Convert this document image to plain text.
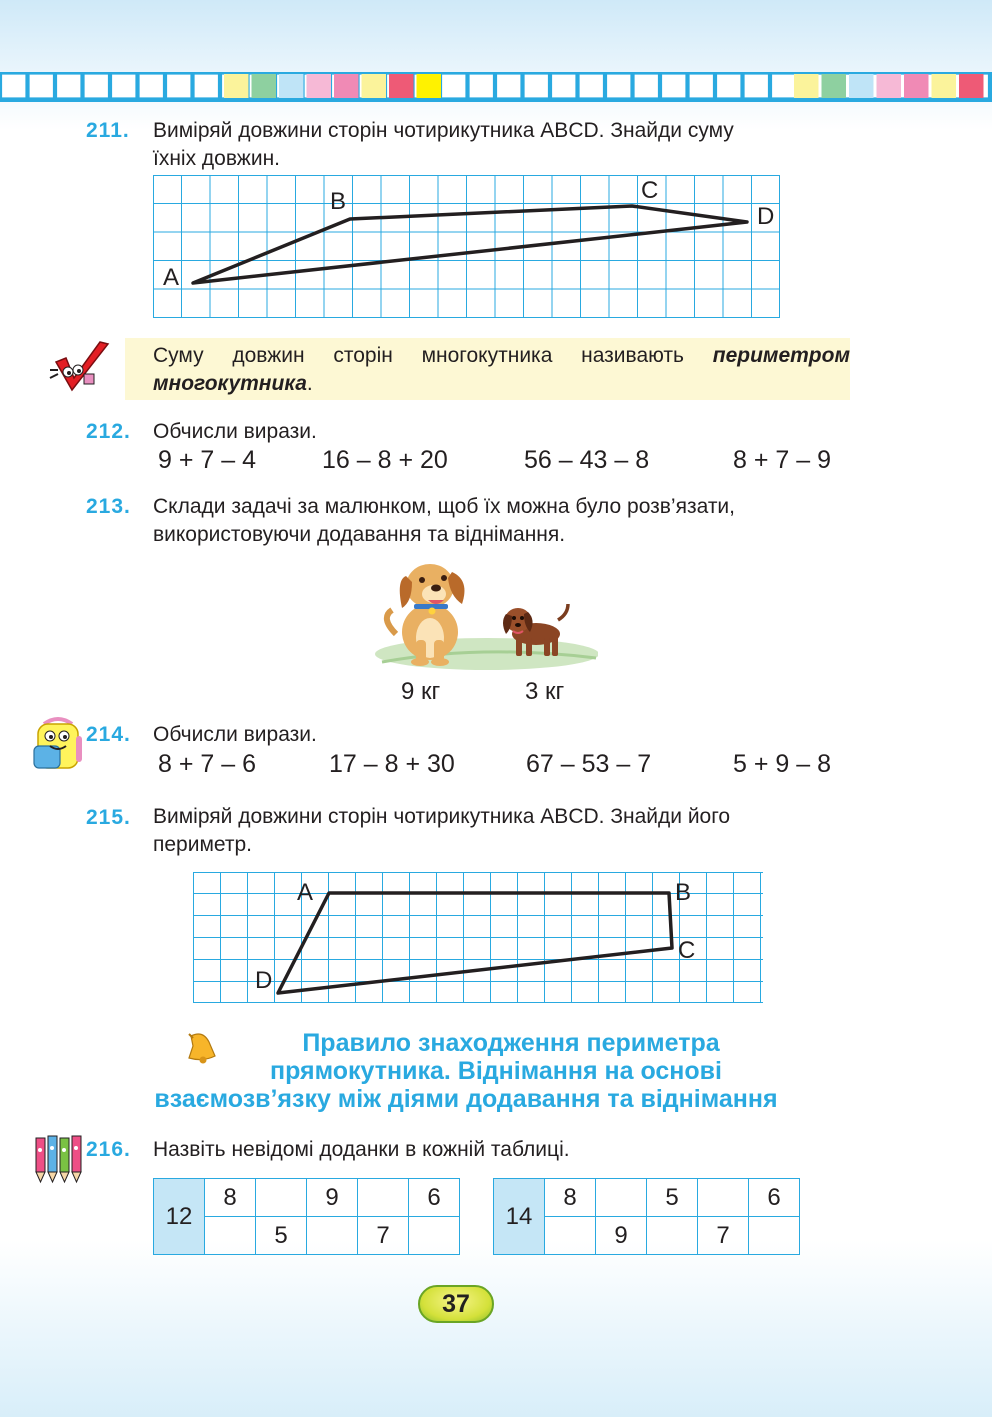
211. Виміряй довжини сторін чотирикутника ABCD. Знайди суму
їхніх довжин.
A
B	C
D
Суму довжин сторін многокутника називають периметром многокутника.
212. Обчисли вирази.
9 + 7 – 4	16 – 8 + 20	56 – 43 – 8	8 + 7 – 9
213. Склади задачі за малюнком, щоб їх можна було розв’язати,
використовуючи додавання та віднімання.
9 кг	3 кг
214. Обчисли вирази.
8 + 7 – 6	17 – 8 + 30	67 – 53 – 7	5 + 9 – 8
215. Виміряй довжини сторін чотирикутника ABCD. Знайди його
периметр.
A	B
C
D
Правило знаходження периметра
прямокутника. Віднімання на основі
взаємозв’язку між діями додавання та віднімання
216. Назвіть невідомі доданки в кожній таблиці.
12	8		9		6
		5		7	
14	8		5		6
		9		7	
37
